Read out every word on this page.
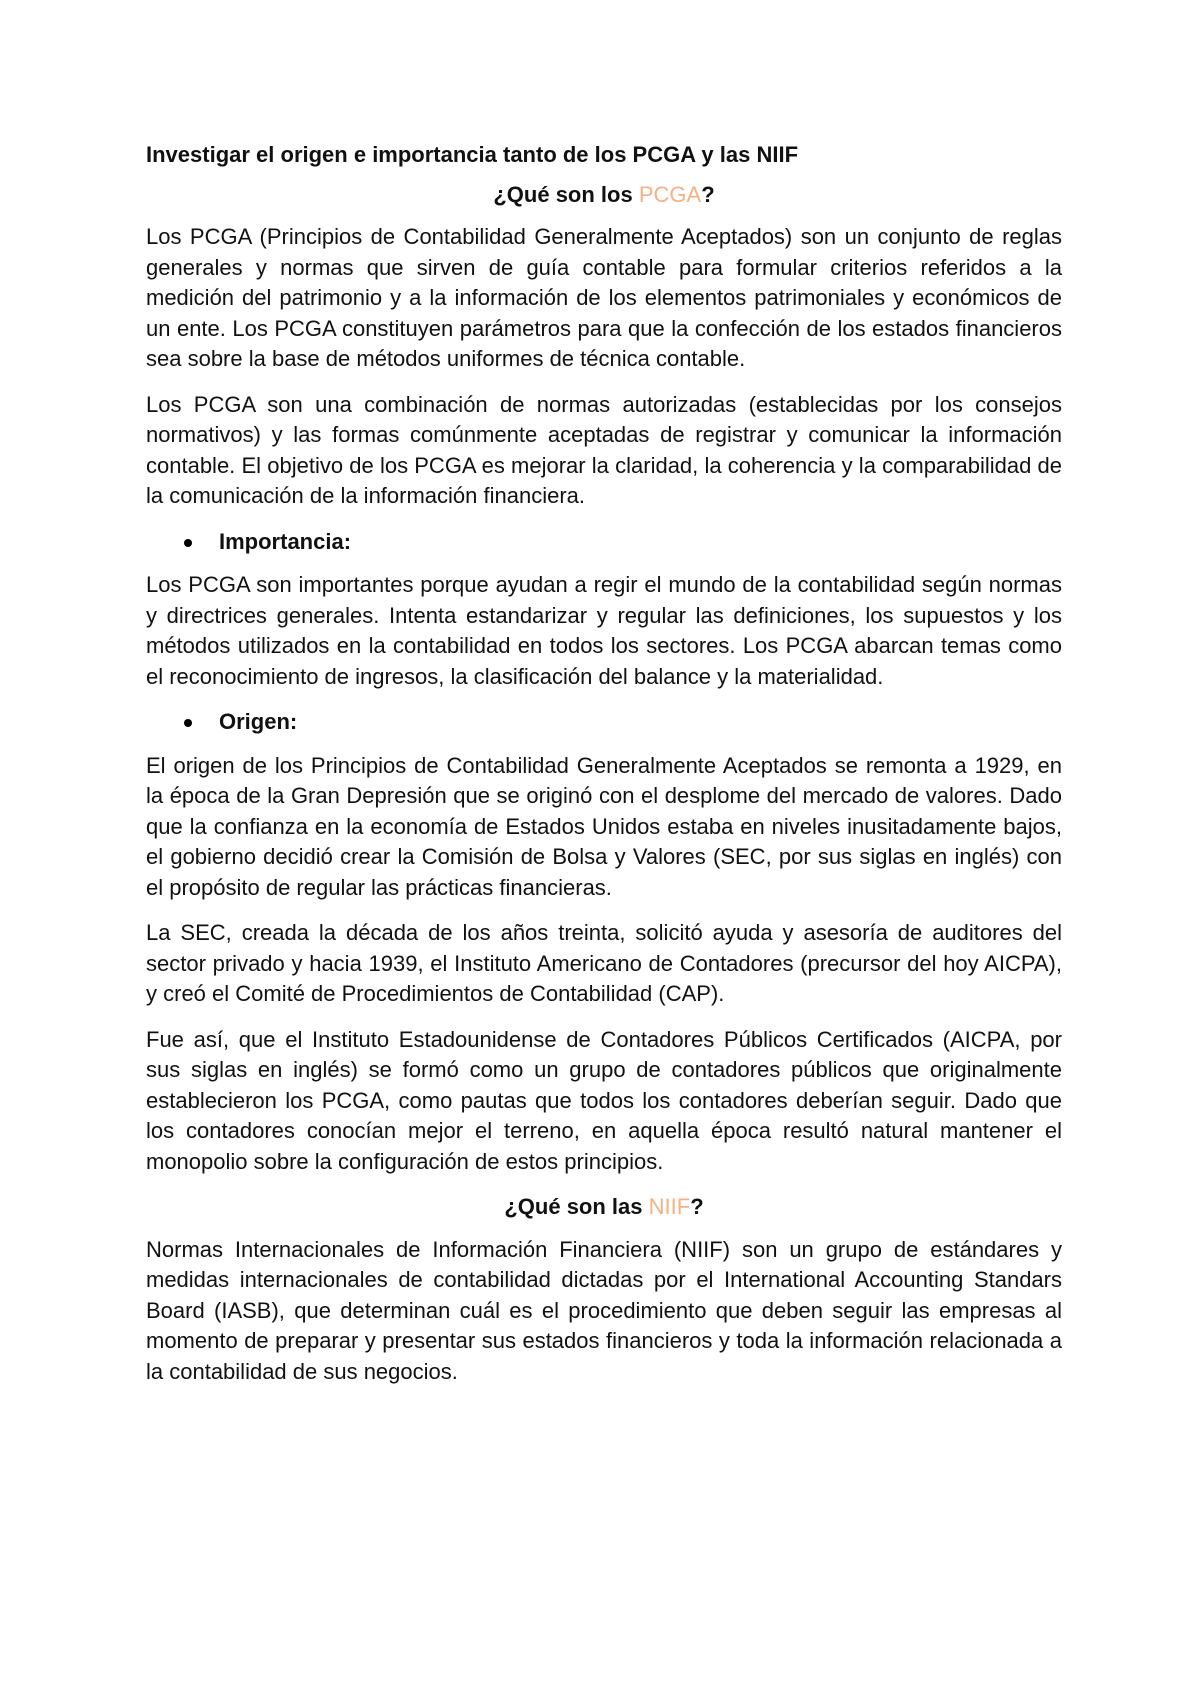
Investigar el origen e importancia tanto de los PCGA y las NIIF
¿Qué son los PCGA?

Los PCGA (Principios de Contabilidad Generalmente Aceptados) son un conjunto de reglas generales y normas que sirven de guía contable para formular criterios referidos a la medición del patrimonio y a la información de los elementos patrimoniales y económicos de un ente. Los PCGA constituyen parámetros para que la confección de los estados financieros sea sobre la base de métodos uniformes de técnica contable.

Los PCGA son una combinación de normas autorizadas (establecidas por los consejos normativos) y las formas comúnmente aceptadas de registrar y comunicar la información contable. El objetivo de los PCGA es mejorar la claridad, la coherencia y la comparabilidad de la comunicación de la información financiera.

Importancia:

Los PCGA son importantes porque ayudan a regir el mundo de la contabilidad según normas y directrices generales. Intenta estandarizar y regular las definiciones, los supuestos y los métodos utilizados en la contabilidad en todos los sectores. Los PCGA abarcan temas como el reconocimiento de ingresos, la clasificación del balance y la materialidad.

Origen:

El origen de los Principios de Contabilidad Generalmente Aceptados se remonta a 1929, en la época de la Gran Depresión que se originó con el desplome del mercado de valores. Dado que la confianza en la economía de Estados Unidos estaba en niveles inusitadamente bajos, el gobierno decidió crear la Comisión de Bolsa y Valores (SEC, por sus siglas en inglés) con el propósito de regular las prácticas financieras.

La SEC, creada la década de los años treinta, solicitó ayuda y asesoría de auditores del sector privado y hacia 1939, el Instituto Americano de Contadores (precursor del hoy AICPA), y creó el Comité de Procedimientos de Contabilidad (CAP).

Fue así, que el Instituto Estadounidense de Contadores Públicos Certificados (AICPA, por sus siglas en inglés) se formó como un grupo de contadores públicos que originalmente establecieron los PCGA, como pautas que todos los contadores deberían seguir. Dado que los contadores conocían mejor el terreno, en aquella época resultó natural mantener el monopolio sobre la configuración de estos principios.

¿Qué son las NIIF?

Normas Internacionales de Información Financiera (NIIF) son un grupo de estándares y medidas internacionales de contabilidad dictadas por el International Accounting Standars Board (IASB), que determinan cuál es el procedimiento que deben seguir las empresas al momento de preparar y presentar sus estados financieros y toda la información relacionada a la contabilidad de sus negocios.
